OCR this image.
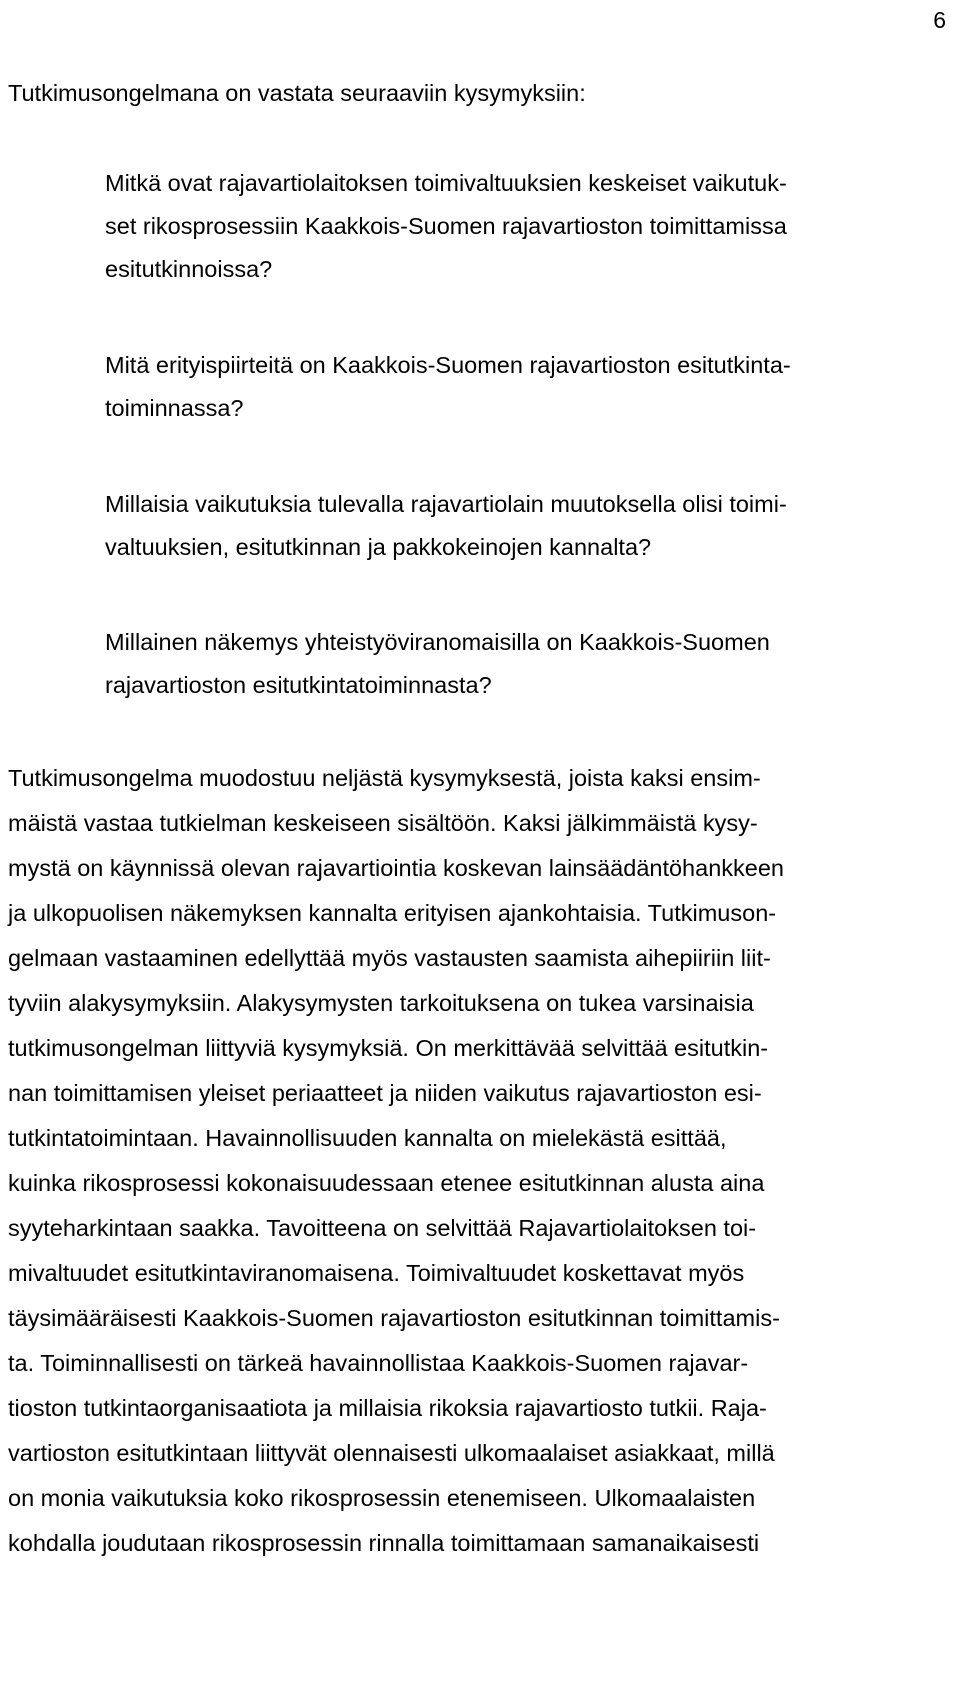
6
Tutkimusongelmana on vastata seuraaviin kysymyksiin:
Mitkä ovat rajavartiolaitoksen toimivaltuuksien keskeiset vaikutuk-
set rikosprosessiin Kaakkois-Suomen rajavartioston toimittamissa
esitutkinnoissa?
Mitä erityispiirteitä on Kaakkois-Suomen rajavartioston esitutkinta-
toiminnassa?
Millaisia vaikutuksia tulevalla rajavartiolain muutoksella olisi toimi-
valtuuksien, esitutkinnan ja pakkokeinojen kannalta?
Millainen näkemys yhteistyöviranomaisilla on Kaakkois-Suomen
rajavartioston esitutkintatoiminnasta?
Tutkimusongelma muodostuu neljästä kysymyksestä, joista kaksi ensim-
mäistä vastaa tutkielman keskeiseen sisältöön. Kaksi jälkimmäistä kysy-
mystä on käynnissä olevan rajavartiointia koskevan lainsäädäntöhankkeen
ja ulkopuolisen näkemyksen kannalta erityisen ajankohtaisia. Tutkimuson-
gelmaan vastaaminen edellyttää myös vastausten saamista aihepiiriin liit-
tyviin alakysymyksiin. Alakysymysten tarkoituksena on tukea varsinaisia
tutkimusongelman liittyviä kysymyksiä. On merkittävää selvittää esitutkin-
nan toimittamisen yleiset periaatteet ja niiden vaikutus rajavartioston esi-
tutkintatoimintaan. Havainnollisuuden kannalta on mielekästä esittää,
kuinka rikosprosessi kokonaisuudessaan etenee esitutkinnan alusta aina
syyteharkintaan saakka. Tavoitteena on selvittää Rajavartiolaitoksen toi-
mivaltuudet esitutkintaviranomaisena. Toimivaltuudet koskettavat myös
täysimääräisesti Kaakkois-Suomen rajavartioston esitutkinnan toimittamis-
ta. Toiminnallisesti on tärkeä havainnollistaa Kaakkois-Suomen rajavar-
tioston tutkintaorganisaatiota ja millaisia rikoksia rajavartiosto tutkii. Raja-
vartioston esitutkintaan liittyvät olennaisesti ulkomaalaiset asiakkaat, millä
on monia vaikutuksia koko rikosprosessin etenemiseen. Ulkomaalaisten
kohdalla joudutaan rikosprosessin rinnalla toimittamaan samanaikaisesti
